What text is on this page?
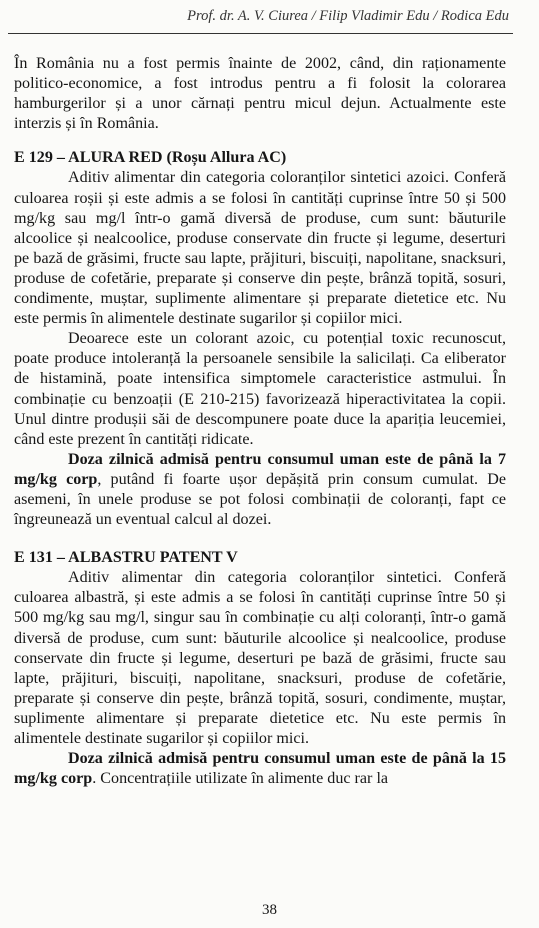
Prof. dr. A. V. Ciurea / Filip Vladimir Edu / Rodica Edu

În România nu a fost permis înainte de 2002, când, din raționamente politico-economice, a fost introdus pentru a fi folosit la colorarea hamburgerilor și a unor cărnați pentru micul dejun. Actualmente este interzis și în România.

E 129 – ALURA RED (Roșu Allura AC)

Aditiv alimentar din categoria coloranților sintetici azoici. Conferă culoarea roșii și este admis a se folosi în cantități cuprinse între 50 și 500 mg/kg sau mg/l într-o gamă diversă de produse, cum sunt: băuturile alcoolice și nealcoolice, produse conservate din fructe și legume, deserturi pe bază de grăsimi, fructe sau lapte, prăjituri, biscuiți, napolitane, snacksuri, produse de cofetărie, preparate și conserve din pește, brânză topită, sosuri, condimente, muștar, suplimente alimentare și preparate dietetice etc. Nu este permis în alimentele destinate sugarilor și copiilor mici.

Deoarece este un colorant azoic, cu potențial toxic recunoscut, poate produce intoleranță la persoanele sensibile la salicilați. Ca eliberator de histamină, poate intensifica simptomele caracteristice astmului. În combinație cu benzoații (E 210-215) favorizează hiperactivitatea la copii. Unul dintre produșii săi de descompunere poate duce la apariția leucemiei, când este prezent în cantități ridicate.

Doza zilnică admisă pentru consumul uman este de până la 7 mg/kg corp, putând fi foarte ușor depășită prin consum cumulat. De asemeni, în unele produse se pot folosi combinații de coloranți, fapt ce îngreunează un eventual calcul al dozei.

E 131 – ALBASTRU PATENT V

Aditiv alimentar din categoria coloranților sintetici. Conferă culoarea albastră, și este admis a se folosi în cantități cuprinse între 50 și 500 mg/kg sau mg/l, singur sau în combinație cu alți coloranți, într-o gamă diversă de produse, cum sunt: băuturile alcoolice și nealcoolice, produse conservate din fructe și legume, deserturi pe bază de grăsimi, fructe sau lapte, prăjituri, biscuiți, napolitane, snacksuri, produse de cofetărie, preparate și conserve din pește, brânză topită, sosuri, condimente, muștar, suplimente alimentare și preparate dietetice etc. Nu este permis în alimentele destinate sugarilor și copiilor mici.

Doza zilnică admisă pentru consumul uman este de până la 15 mg/kg corp. Concentrațiile utilizate în alimente duc rar la

38
